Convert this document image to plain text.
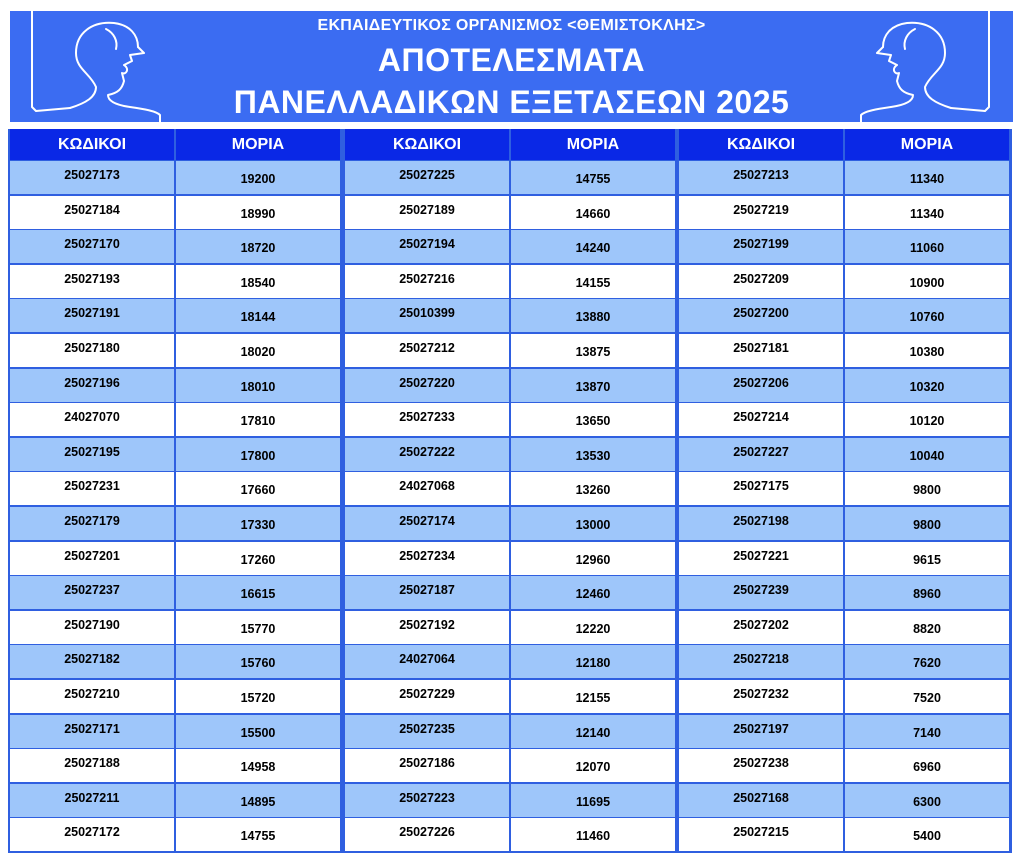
ΕΚΠΑΙΔΕΥΤΙΚΟΣ ΟΡΓΑΝΙΣΜΟΣ <ΘΕΜΙΣΤΟΚΛΗΣ>
ΑΠΟΤΕΛΕΣΜΑΤΑ
ΠΑΝΕΛΛΑΔΙΚΩΝ ΕΞΕΤΑΣΕΩΝ 2025
ΚΩΔΙΚΟΙ
25027173
25027184
25027170
25027193
25027191
25027180
25027196
24027070
25027195
25027231
25027179
25027201
25027237
25027190
25027182
25027210
25027171
25027188
25027211
25027172
ΜΟΡΙΑ
19200
18990
18720
18540
18144
18020
18010
17810
17800
17660
17330
17260
16615
15770
15760
15720
15500
14958
14895
14755
ΚΩΔΙΚΟΙ
25027225
25027189
25027194
25027216
25010399
25027212
25027220
25027233
25027222
24027068
25027174
25027234
25027187
25027192
24027064
25027229
25027235
25027186
25027223
25027226
ΜΟΡΙΑ
14755
14660
14240
14155
13880
13875
13870
13650
13530
13260
13000
12960
12460
12220
12180
12155
12140
12070
11695
11460
ΚΩΔΙΚΟΙ
25027213
25027219
25027199
25027209
25027200
25027181
25027206
25027214
25027227
25027175
25027198
25027221
25027239
25027202
25027218
25027232
25027197
25027238
25027168
25027215
ΜΟΡΙΑ
11340
11340
11060
10900
10760
10380
10320
10120
10040
9800
9800
9615
8960
8820
7620
7520
7140
6960
6300
5400
